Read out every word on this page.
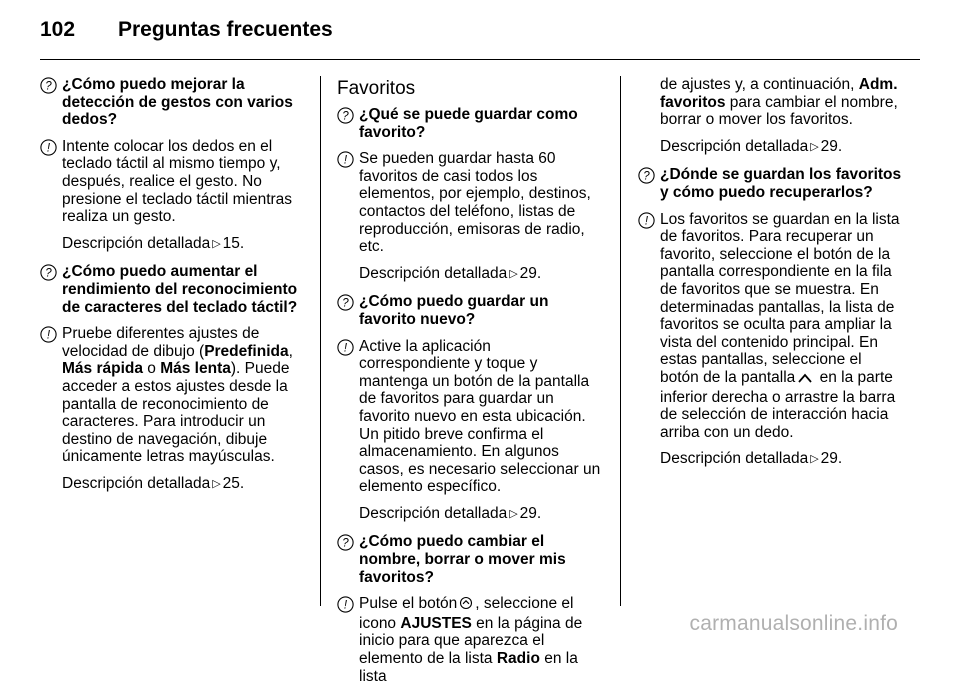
102	Preguntas frecuentes
? ¿Cómo puedo mejorar la detección de gestos con varios dedos?
! Intente colocar los dedos en el teclado táctil al mismo tiempo y, después, realice el gesto. No presione el teclado táctil mientras realiza un gesto.
Descripción detallada ▷ 15.
? ¿Cómo puedo aumentar el rendimiento del reconocimiento de caracteres del teclado táctil?
! Pruebe diferentes ajustes de velocidad de dibujo (Predefinida, Más rápida o Más lenta). Puede acceder a estos ajustes desde la pantalla de reconocimiento de caracteres. Para introducir un destino de navegación, dibuje únicamente letras mayúsculas.
Descripción detallada ▷ 25.
Favoritos
? ¿Qué se puede guardar como favorito?
! Se pueden guardar hasta 60 favoritos de casi todos los elementos, por ejemplo, destinos, contactos del teléfono, listas de reproducción, emisoras de radio, etc.
Descripción detallada ▷ 29.
? ¿Cómo puedo guardar un favorito nuevo?
! Active la aplicación correspondiente y toque y mantenga un botón de la pantalla de favoritos para guardar un favorito nuevo en esta ubicación. Un pitido breve confirma el almacenamiento. En algunos casos, es necesario seleccionar un elemento específico.
Descripción detallada ▷ 29.
? ¿Cómo puedo cambiar el nombre, borrar o mover mis favoritos?
! Pulse el botón , seleccione el icono AJUSTES en la página de inicio para que aparezca el elemento de la lista Radio en la lista
de ajustes y, a continuación, Adm. favoritos para cambiar el nombre, borrar o mover los favoritos.
Descripción detallada ▷ 29.
? ¿Dónde se guardan los favoritos y cómo puedo recuperarlos?
! Los favoritos se guardan en la lista de favoritos. Para recuperar un favorito, seleccione el botón de la pantalla correspondiente en la fila de favoritos que se muestra. En determinadas pantallas, la lista de favoritos se oculta para ampliar la vista del contenido principal. En estas pantallas, seleccione el botón de la pantalla en la parte inferior derecha o arrastre la barra de selección de interacción hacia arriba con un dedo.
Descripción detallada ▷ 29.
carmanualsonline.info
